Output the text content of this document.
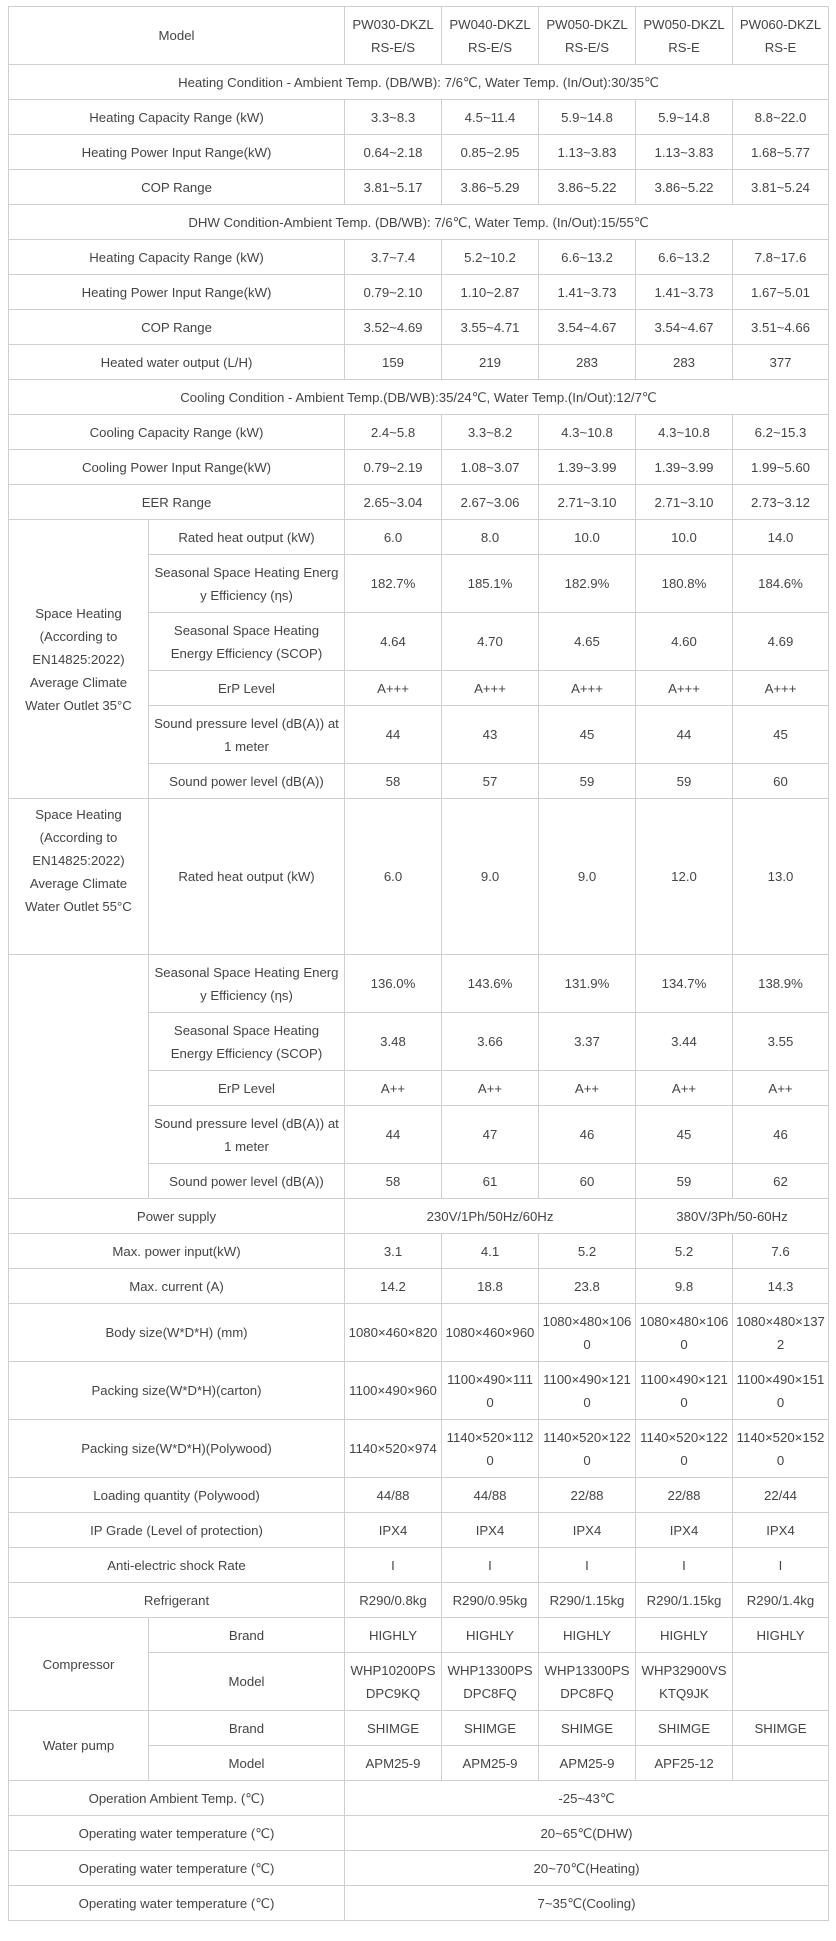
Model		PW030-DKZLRS-E/S	PW040-DKZLRS-E/S	PW050-DKZLRS-E/S	PW050-DKZLRS-E	PW060-DKZLRS-E
Heating Condition - Ambient Temp. (DB/WB): 7/6℃, Water Temp. (In/Out):30/35℃						
Heating Capacity Range (kW)		3.3~8.3	4.5~11.4	5.9~14.8	5.9~14.8	8.8~22.0
Heating Power Input Range(kW)		0.64~2.18	0.85~2.95	1.13~3.83	1.13~3.83	1.68~5.77
COP Range		3.81~5.17	3.86~5.29	3.86~5.22	3.86~5.22	3.81~5.24
DHW Condition-Ambient Temp. (DB/WB): 7/6℃, Water Temp. (In/Out):15/55℃						
Heating Capacity Range (kW)		3.7~7.4	5.2~10.2	6.6~13.2	6.6~13.2	7.8~17.6
Heating Power Input Range(kW)		0.79~2.10	1.10~2.87	1.41~3.73	1.41~3.73	1.67~5.01
COP Range		3.52~4.69	3.55~4.71	3.54~4.67	3.54~4.67	3.51~4.66
Heated water output (L/H)		159	219	283	283	377
Cooling Condition - Ambient Temp.(DB/WB):35/24℃, Water Temp.(In/Out):12/7℃						
Cooling Capacity Range (kW)		2.4~5.8	3.3~8.2	4.3~10.8	4.3~10.8	6.2~15.3
Cooling Power Input Range(kW)		0.79~2.19	1.08~3.07	1.39~3.99	1.39~3.99	1.99~5.60
EER Range		2.65~3.04	2.67~3.06	2.71~3.10	2.71~3.10	2.73~3.12
Space Heating (According to EN14825:2022) Average Climate Water Outlet 35°C	Rated heat output (kW)	6.0	8.0	10.0	10.0	14.0
	Seasonal Space Heating Energy Efficiency (ηs)	182.7%	185.1%	182.9%	180.8%	184.6%
	Seasonal Space Heating Energy Efficiency (SCOP)	4.64	4.70	4.65	4.60	4.69
	ErP Level	A+++	A+++	A+++	A+++	A+++
	Sound pressure level (dB(A)) at 1 meter	44	43	45	44	45
	Sound power level (dB(A))	58	57	59	59	60
Space Heating (According to EN14825:2022) Average Climate Water Outlet 55°C	Rated heat output (kW)	6.0	9.0	9.0	12.0	13.0
	Seasonal Space Heating Energy Efficiency (ηs)	136.0%	143.6%	131.9%	134.7%	138.9%
	Seasonal Space Heating Energy Efficiency (SCOP)	3.48	3.66	3.37	3.44	3.55
	ErP Level	A++	A++	A++	A++	A++
	Sound pressure level (dB(A)) at 1 meter	44	47	46	45	46
	Sound power level (dB(A))	58	61	60	59	62
Power supply		230V/1Ph/50Hz/60Hz			380V/3Ph/50-60Hz	
Max. power input(kW)		3.1	4.1	5.2	5.2	7.6
Max. current (A)		14.2	18.8	23.8	9.8	14.3
Body size(W*D*H) (mm)		1080×460×820	1080×460×960	1080×480×1060	1080×480×1060	1080×480×1372
Packing size(W*D*H)(carton)		1100×490×960	1100×490×1110	1100×490×1210	1100×490×1210	1100×490×1510
Packing size(W*D*H)(Polywood)		1140×520×974	1140×520×1120	1140×520×1220	1140×520×1220	1140×520×1520
Loading quantity (Polywood)		44/88	44/88	22/88	22/88	22/44
IP Grade (Level of protection)		IPX4	IPX4	IPX4	IPX4	IPX4
Anti-electric shock Rate		I	I	I	I	I
Refrigerant		R290/0.8kg	R290/0.95kg	R290/1.15kg	R290/1.15kg	R290/1.4kg
Compressor	Brand	HIGHLY	HIGHLY	HIGHLY	HIGHLY	HIGHLY
	Model	WHP10200PSDPC9KQ	WHP13300PSDPC8FQ	WHP13300PSDPC8FQ	WHP32900VSKTQ9JK	
Water pump	Brand	SHIMGE	SHIMGE	SHIMGE	SHIMGE	SHIMGE
	Model	APM25-9	APM25-9	APM25-9	APF25-12	
Operation Ambient Temp. (℃)		-25~43℃				
Operating water temperature (℃)		20~65℃(DHW)				
Operating water temperature (℃)		20~70℃(Heating)				
Operating water temperature (℃)		7~35℃(Cooling)				
